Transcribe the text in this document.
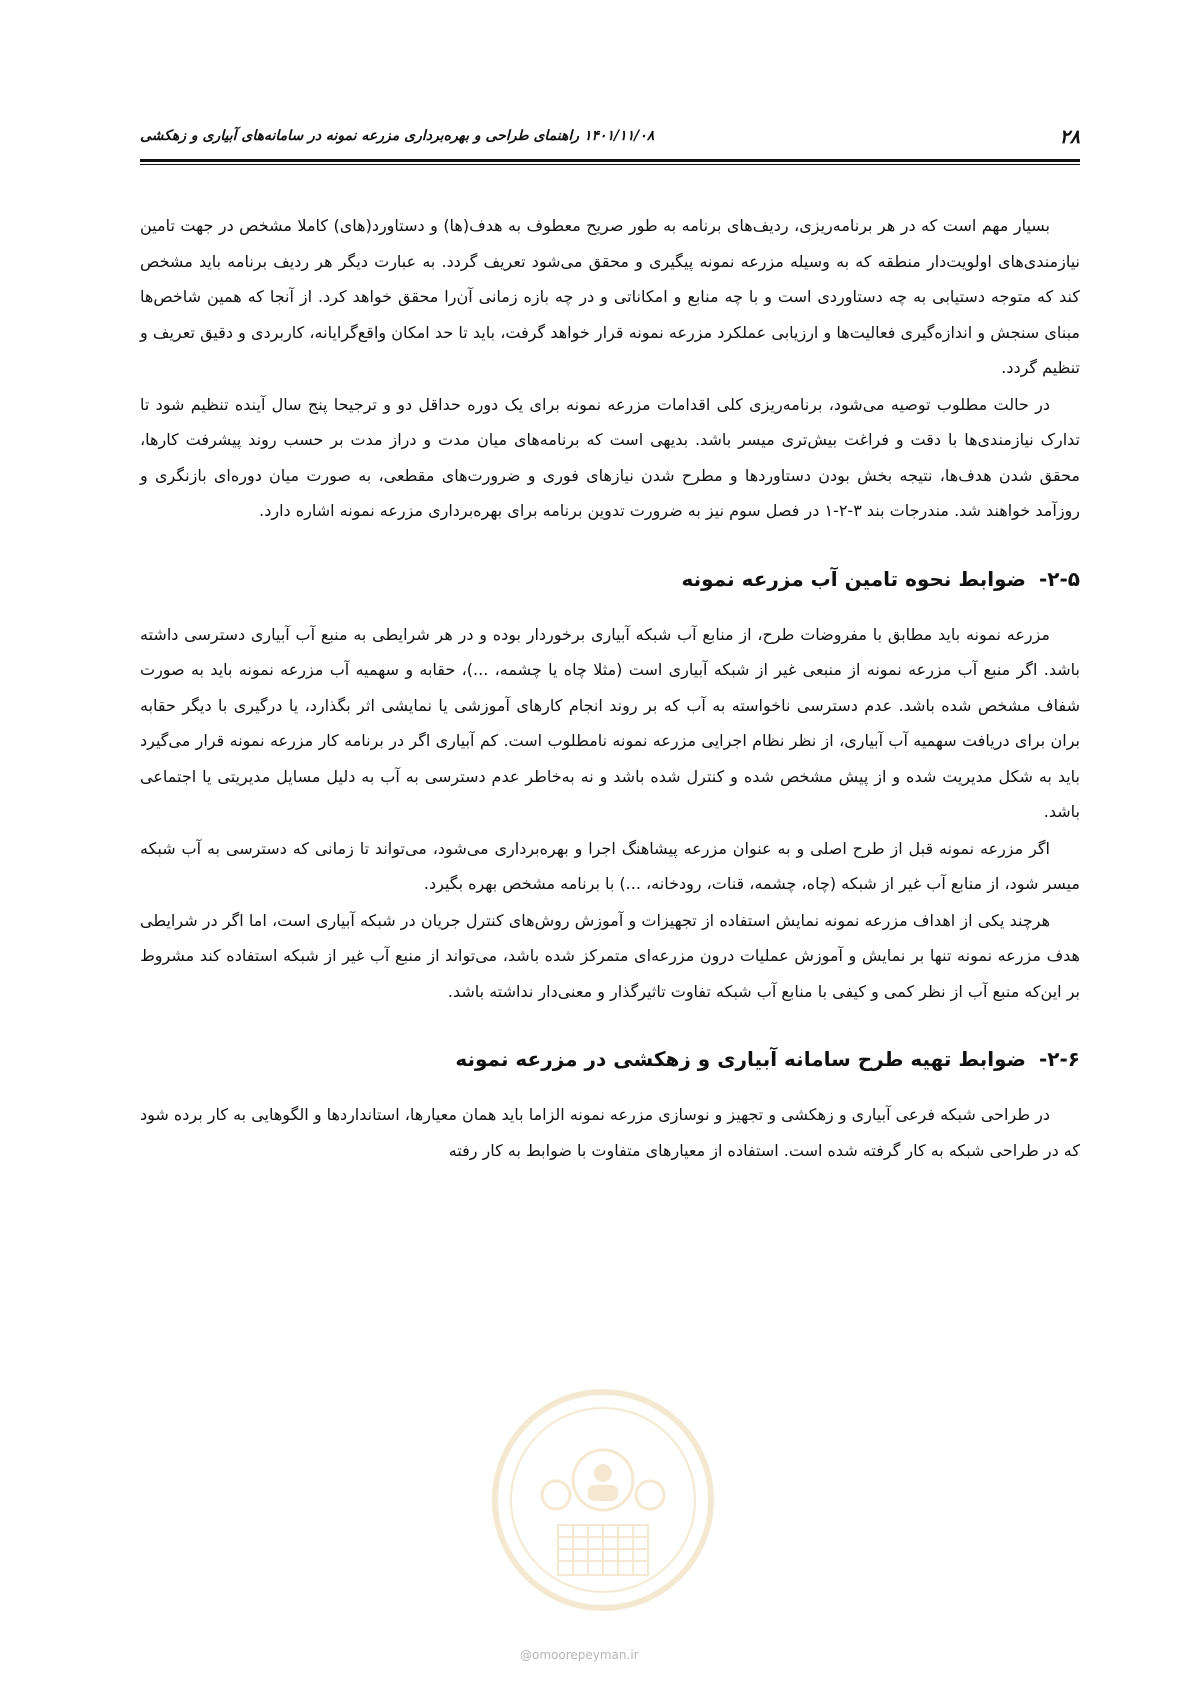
۲۸

۱۴۰۱/۱۱/۰۸ راهنمای طراحی و بهره‌برداری مزرعه نمونه در سامانه‌های آبیاری و زهکشی

بسیار مهم است که در هر برنامه‌ریزی، ردیف‌های برنامه به طور صریح معطوف به هدف(ها) و دستاورد(های) کاملا مشخص در جهت تامین نیازمندی‌های اولویت‌دار منطقه که به وسیله مزرعه نمونه پیگیری و محقق می‌شود تعریف گردد. به عبارت دیگر هر ردیف برنامه باید مشخص کند که متوجه دستیابی به چه دستاوردی است و با چه منابع و امکاناتی و در چه بازه زمانی آن‌را محقق خواهد کرد. از آنجا که همین شاخص‌ها مبنای سنجش و اندازه‌گیری فعالیت‌ها و ارزیابی عملکرد مزرعه نمونه قرار خواهد گرفت، باید تا حد امکان واقع‌گرایانه، کاربردی و دقیق تعریف و تنظیم گردد.

در حالت مطلوب توصیه می‌شود، برنامه‌ریزی کلی اقدامات مزرعه نمونه برای یک دوره حداقل دو و ترجیحا پنج سال آینده تنظیم شود تا تدارک نیازمندی‌ها با دقت و فراغت بیش‌تری میسر باشد. بدیهی است که برنامه‌های میان مدت و دراز مدت بر حسب روند پیشرفت کارها، محقق شدن هدف‌ها، نتیجه بخش بودن دستاوردها و مطرح شدن نیازهای فوری و ضرورت‌های مقطعی، به صورت میان دوره‌ای بازنگری و روزآمد خواهند شد. مندرجات بند ۳-۲-۱ در فصل سوم نیز به ضرورت تدوین برنامه برای بهره‌برداری مزرعه نمونه اشاره دارد.

۲-۵- ضوابط نحوه تامین آب مزرعه نمونه

مزرعه نمونه باید مطابق با مفروضات طرح، از منابع آب شبکه آبیاری برخوردار بوده و در هر شرایطی به منبع آب آبیاری دسترسی داشته باشد. اگر منبع آب مزرعه نمونه از منبعی غیر از شبکه آبیاری است (مثلا چاه یا چشمه، ...)، حقابه و سهمیه آب مزرعه نمونه باید به صورت شفاف مشخص شده باشد. عدم دسترسی ناخواسته به آب که بر روند انجام کارهای آموزشی یا نمایشی اثر بگذارد، یا درگیری با دیگر حقابه بران برای دریافت سهمیه آب آبیاری، از نظر نظام اجرایی مزرعه نمونه نامطلوب است. کم آبیاری اگر در برنامه کار مزرعه نمونه قرار می‌گیرد باید به شکل مدیریت شده و از پیش مشخص شده و کنترل شده باشد و نه به‌خاطر عدم دسترسی به آب به دلیل مسایل مدیریتی یا اجتماعی باشد.

اگر مزرعه نمونه قبل از طرح اصلی و به عنوان مزرعه پیشاهنگ اجرا و بهره‌برداری می‌شود، می‌تواند تا زمانی که دسترسی به آب شبکه میسر شود، از منابع آب غیر از شبکه (چاه، چشمه، قنات، رودخانه، ...) با برنامه مشخص بهره بگیرد.

هرچند یکی از اهداف مزرعه نمونه نمایش استفاده از تجهیزات و آموزش روش‌های کنترل جریان در شبکه آبیاری است، اما اگر در شرایطی هدف مزرعه نمونه تنها بر نمایش و آموزش عملیات درون مزرعه‌ای متمرکز شده باشد، می‌تواند از منبع آب غیر از شبکه استفاده کند مشروط بر این‌که منبع آب از نظر کمی و کیفی با منابع آب شبکه تفاوت تاثیرگذار و معنی‌دار نداشته باشد.

۲-۶- ضوابط تهیه طرح سامانه آبیاری و زهکشی در مزرعه نمونه

در طراحی شبکه فرعی آبیاری و زهکشی و تجهیز و نوسازی مزرعه نمونه الزاما باید همان معیارها، استانداردها و الگوهایی به کار برده شود که در طراحی شبکه به کار گرفته شده است. استفاده از معیارهای متفاوت با ضوابط به کار رفته

@omoorepeyman.ir
